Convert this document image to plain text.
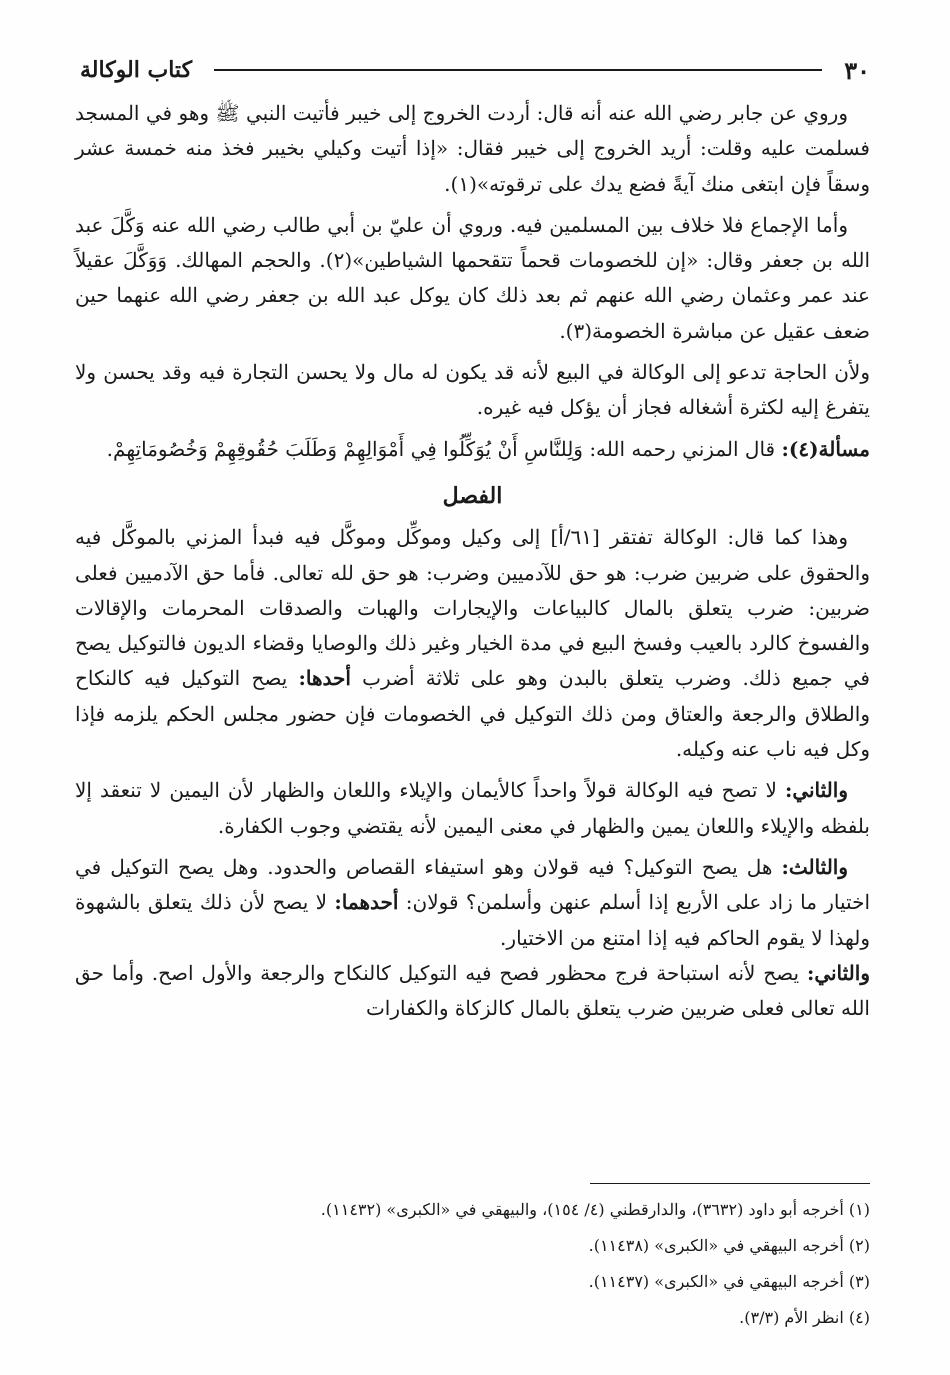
٣٠
كتاب الوكالة

وروي عن جابر رضي الله عنه أنه قال: أردت الخروج إلى خيبر فأتيت النبي ﷺ وهو في المسجد فسلمت عليه وقلت: أريد الخروج إلى خيبر فقال: «إذا أتيت وكيلي بخيبر فخذ منه خمسة عشر وسقاً فإن ابتغى منك آيةً فضع يدك على ترقوته»(١).

وأما الإجماع فلا خلاف بين المسلمين فيه. وروي أن عليّ بن أبي طالب رضي الله عنه وَكَّلَ عبد الله بن جعفر وقال: «إن للخصومات قحماً تتقحمها الشياطين»(٢). والحجم المهالك. وَوَكَّلَ عقيلاً عند عمر وعثمان رضي الله عنهم ثم بعد ذلك كان يوكل عبد الله بن جعفر رضي الله عنهما حين ضعف عقيل عن مباشرة الخصومة(٣).

ولأن الحاجة تدعو إلى الوكالة في البيع لأنه قد يكون له مال ولا يحسن التجارة فيه وقد يحسن ولا يتفرغ إليه لكثرة أشغاله فجاز أن يؤكل فيه غيره.

مسألة(٤): قال المزني رحمه الله: وَلِلنَّاسِ أَنْ يُوَكِّلُوا فِي أَمْوَالِهِمْ وَطَلَبَ حُقُوقِهِمْ وَخُصُومَاتِهِمْ.

الفصل

وهذا كما قال: الوكالة تفتقر [٦١/أ] إلى وكيل وموكِّل وموكَّل فيه فبدأ المزني بالموكَّل فيه والحقوق على ضربين ضرب: هو حق للآدميين وضرب: هو حق لله تعالى. فأما حق الآدميين فعلى ضربين: ضرب يتعلق بالمال كالبياعات والإيجارات والهبات والصدقات المحرمات والإقالات والفسوخ كالرد بالعيب وفسخ البيع في مدة الخيار وغير ذلك والوصايا وقضاء الديون فالتوكيل يصح في جميع ذلك. وضرب يتعلق بالبدن وهو على ثلاثة أضرب أحدها: يصح التوكيل فيه كالنكاح والطلاق والرجعة والعتاق ومن ذلك التوكيل في الخصومات فإن حضور مجلس الحكم يلزمه فإذا وكل فيه ناب عنه وكيله.

والثاني: لا تصح فيه الوكالة قولاً واحداً كالأيمان والإيلاء واللعان والظهار لأن اليمين لا تنعقد إلا بلفظه والإيلاء واللعان يمين والظهار في معنى اليمين لأنه يقتضي وجوب الكفارة.

والثالث: هل يصح التوكيل؟ فيه قولان وهو استيفاء القصاص والحدود. وهل يصح التوكيل في اختيار ما زاد على الأربع إذا أسلم عنهن وأسلمن؟ قولان: أحدهما: لا يصح لأن ذلك يتعلق بالشهوة ولهذا لا يقوم الحاكم فيه إذا امتنع من الاختيار.

والثاني: يصح لأنه استباحة فرج محظور فصح فيه التوكيل كالنكاح والرجعة والأول اصح. وأما حق الله تعالى فعلى ضربين ضرب يتعلق بالمال كالزكاة والكفارات

(١) أخرجه أبو داود (٣٦٣٢)، والدارقطني (٤/ ١٥٤)، والبيهقي في «الكبرى» (١١٤٣٢).
(٢) أخرجه البيهقي في «الكبرى» (١١٤٣٨).
(٣) أخرجه البيهقي في «الكبرى» (١١٤٣٧).
(٤) انظر الأم (٣/٣).
